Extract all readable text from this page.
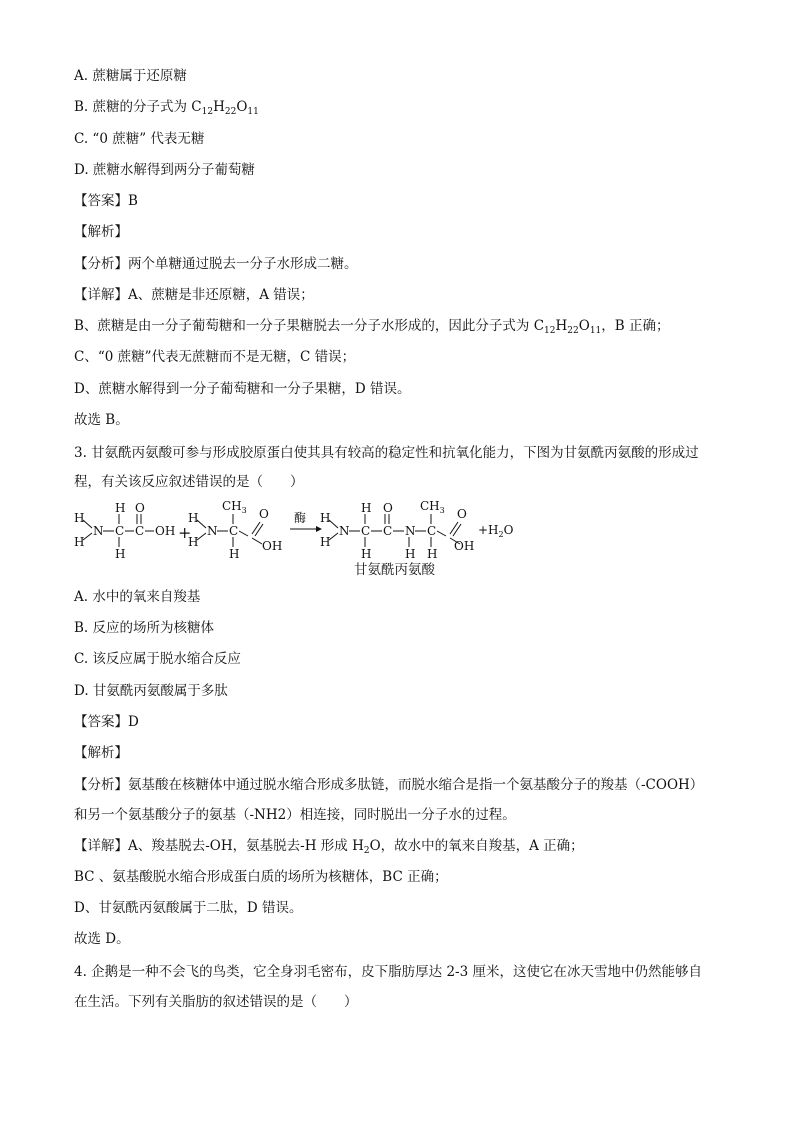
A. 蔗糖属于还原糖
B. 蔗糖的分子式为 $C_{12}H_{22}O_{11}$
C. “0 蔗糖” 代表无糖
D. 蔗糖水解得到两分子葡萄糖
【答案】B
【解析】
【分析】两个单糖通过脱去一分子水形成二糖。
【详解】A、蔗糖是非还原糖，A 错误；
B、蔗糖是由一分子葡萄糖和一分子果糖脱去一分子水形成的，因此分子式为 $C_{12}H_{22}O_{11}$，B 正确；
C、“0 蔗糖”代表无蔗糖而不是无糖，C 错误；
D、蔗糖水解得到一分子葡萄糖和一分子果糖，D 错误。
故选 B。
3. 甘氨酰丙氨酸可参与形成胶原蛋白使其具有较高的稳定性和抗氧化能力，下图为甘氨酰丙氨酸的形成过
程，有关该反应叙述错误的是（　　）
H
H
N C
H
H
C
O
OH +
H
H
N C
$CH_3$
H
O
OH
酶 H
H
N C
H
H
C
O
N
H
C
$CH_3$
H
O
OH
$+H_2O$
甘氨酰丙氨酸
A. 水中的氧来自羧基
B. 反应的场所为核糖体
C. 该反应属于脱水缩合反应
D. 甘氨酰丙氨酸属于多肽
【答案】D
【解析】
【分析】氨基酸在核糖体中通过脱水缩合形成多肽链，而脱水缩合是指一个氨基酸分子的羧基（-COOH）
和另一个氨基酸分子的氨基（-NH2）相连接，同时脱出一分子水的过程。
【详解】A、羧基脱去-OH，氨基脱去-H 形成 $H_2O$，故水中的氧来自羧基，A 正确；
BC 、氨基酸脱水缩合形成蛋白质的场所为核糖体，BC 正确；
D、甘氨酰丙氨酸属于二肽，D 错误。
故选 D。
4. 企鹅是一种不会飞的鸟类，它全身羽毛密布，皮下脂肪厚达 2-3 厘米，这使它在冰天雪地中仍然能够自
在生活。下列有关脂肪的叙述错误的是（　　）
